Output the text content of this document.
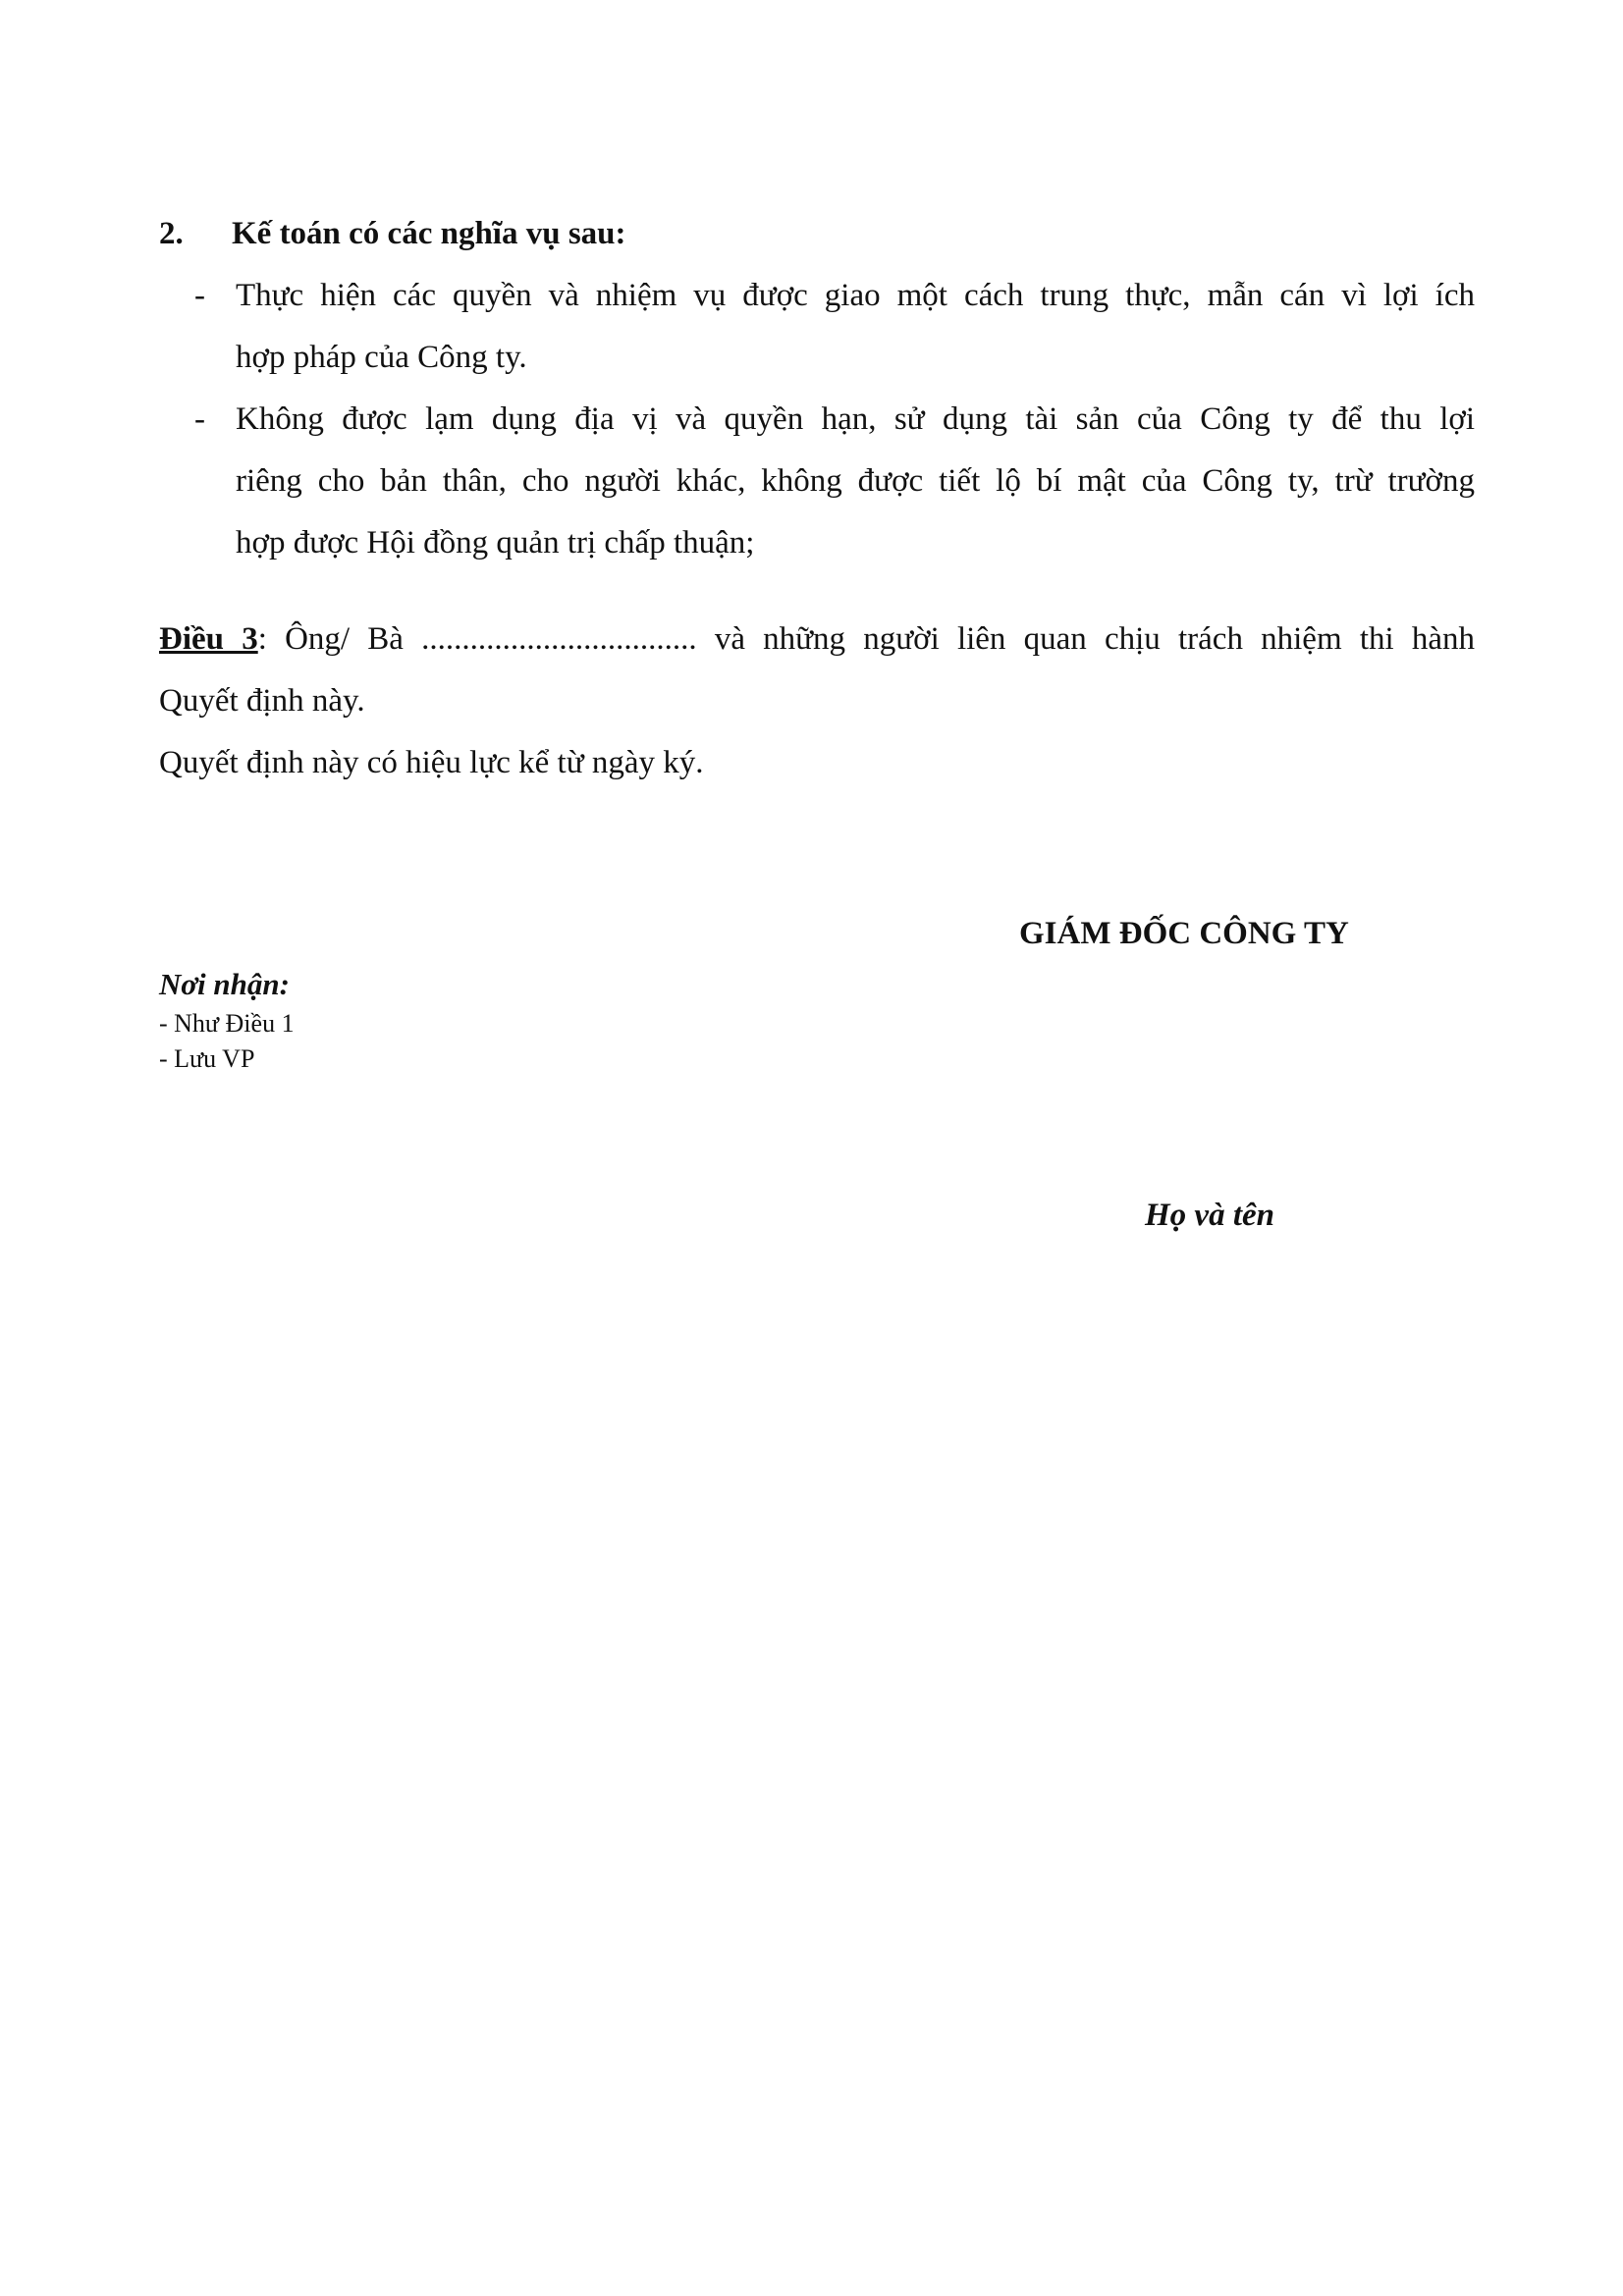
2. Kế toán có các nghĩa vụ sau:
- Thực hiện các quyền và nhiệm vụ được giao một cách trung thực, mẫn cán vì lợi ích
hợp pháp của Công ty.
- Không được lạm dụng địa vị và quyền hạn, sử dụng tài sản của Công ty để thu lợi
riêng cho bản thân, cho người khác, không được tiết lộ bí mật của Công ty, trừ trường
hợp được Hội đồng quản trị chấp thuận;
Điều 3: Ông/ Bà .................................. và những người liên quan chịu trách nhiệm thi hành
Quyết định này.
Quyết định này có hiệu lực kể từ ngày ký.
GIÁM ĐỐC CÔNG TY
Nơi nhận:
- Như Điều 1
- Lưu VP
Họ và tên
